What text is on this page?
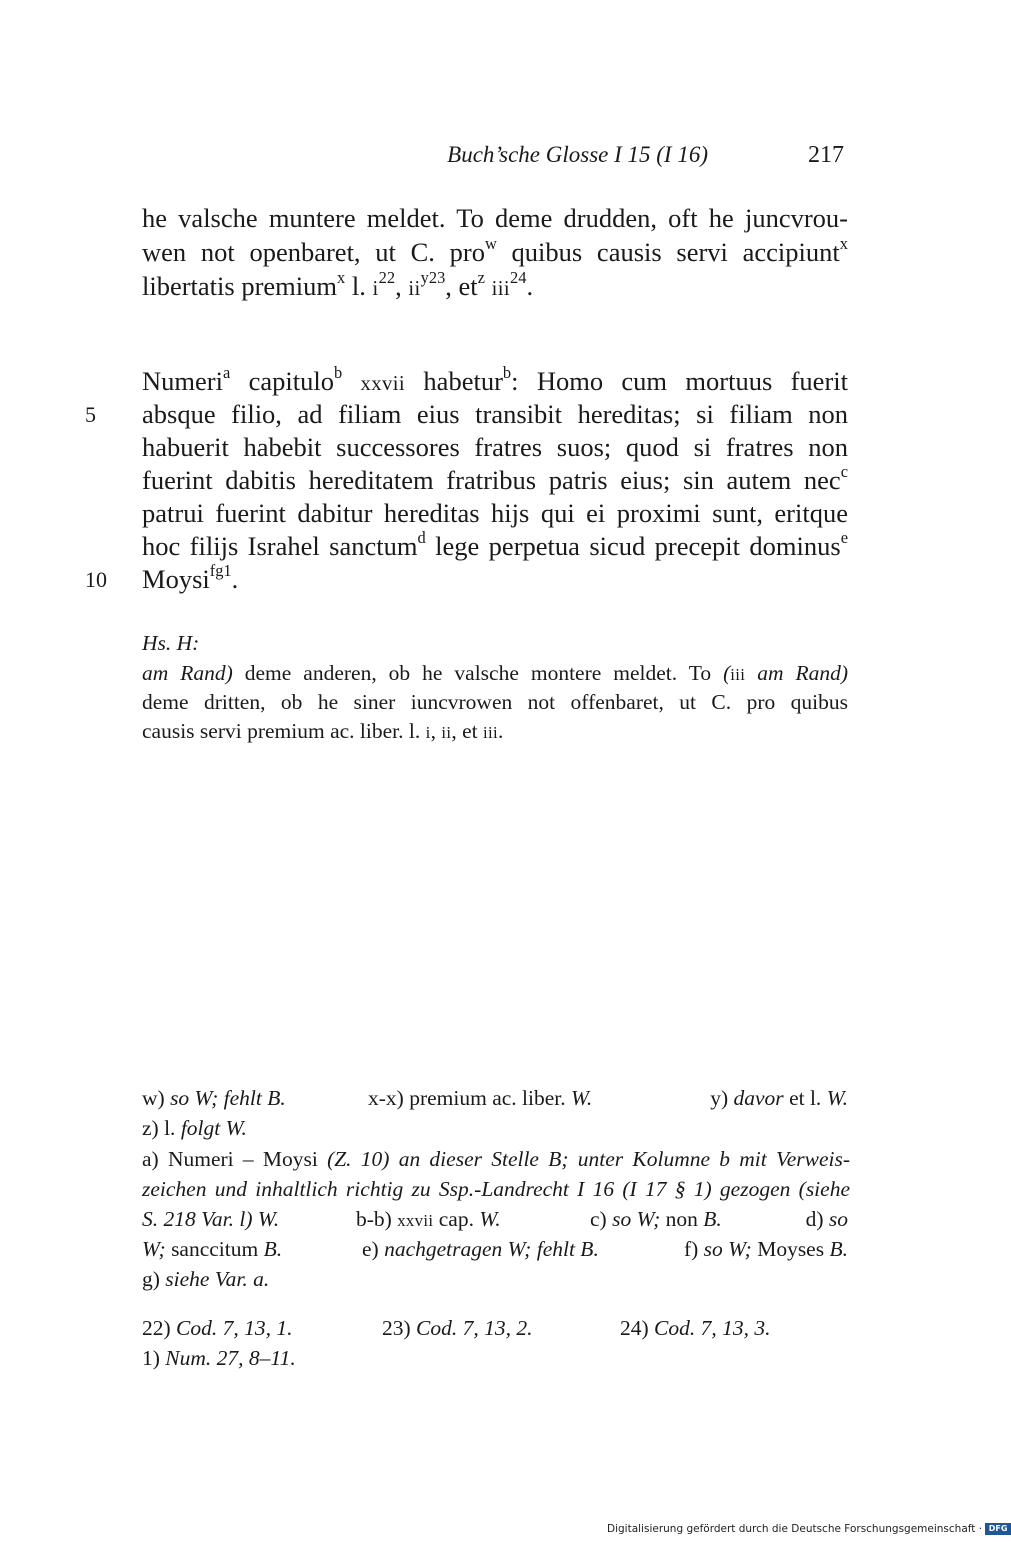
Buch’sche Glosse I 15 (I 16)	217
he valsche muntere meldet. To deme drudden, oft he juncvrou-
wen not openbaret, ut C. pro$^w$ quibus causis servi accipiunt$^x$
libertatis premium$^x$ l. $i^{22}$, $ii^{y23}$, $et^z$ iii$^{24}$.
Numeri$^a$ capitulo$^b$ xxvii habetur$^b$: Homo cum mortuus fuerit
absque filio, ad filiam eius transibit hereditas; si filiam non
habuerit habebit successores fratres suos; quod si fratres non
fuerint dabitis hereditatem fratribus patris eius; sin autem nec$^c$
patrui fuerint dabitur hereditas hijs qui ei proximi sunt, eritque
hoc filijs Israhel sanctum$^d$ lege perpetua sicud precepit dominus$^e$
Moysi$^{fg1}$.
5
10
Hs. H:
am Rand) deme anderen, ob he valsche montere meldet. To (iii am Rand)
deme dritten, ob he siner iuncvrowen not offenbaret, ut C. pro quibus
causis servi premium ac. liber. l. i, ii, et iii.
w) so W; fehlt B.	x-x) premium ac. liber. W.	y) davor et l. W.
z) l. folgt W.
a) Numeri – Moysi (Z. 10) an dieser Stelle B; unter Kolumne b mit Verweis-
zeichen und inhaltlich richtig zu Ssp.-Landrecht I 16 (I 17 § 1) gezogen (siehe
S. 218 Var. l) W.	b-b) xxvii cap. W.	c) so W; non B.	d) so
W; sanccitum B.	e) nachgetragen W; fehlt B.	f) so W; Moyses B.
g) siehe Var. a.
22) Cod. 7, 13, 1.	23) Cod. 7, 13, 2.	24) Cod. 7, 13, 3.
1) Num. 27, 8–11.
Digitalisierung gefördert durch die Deutsche Forschungsgemeinschaft · DFG
